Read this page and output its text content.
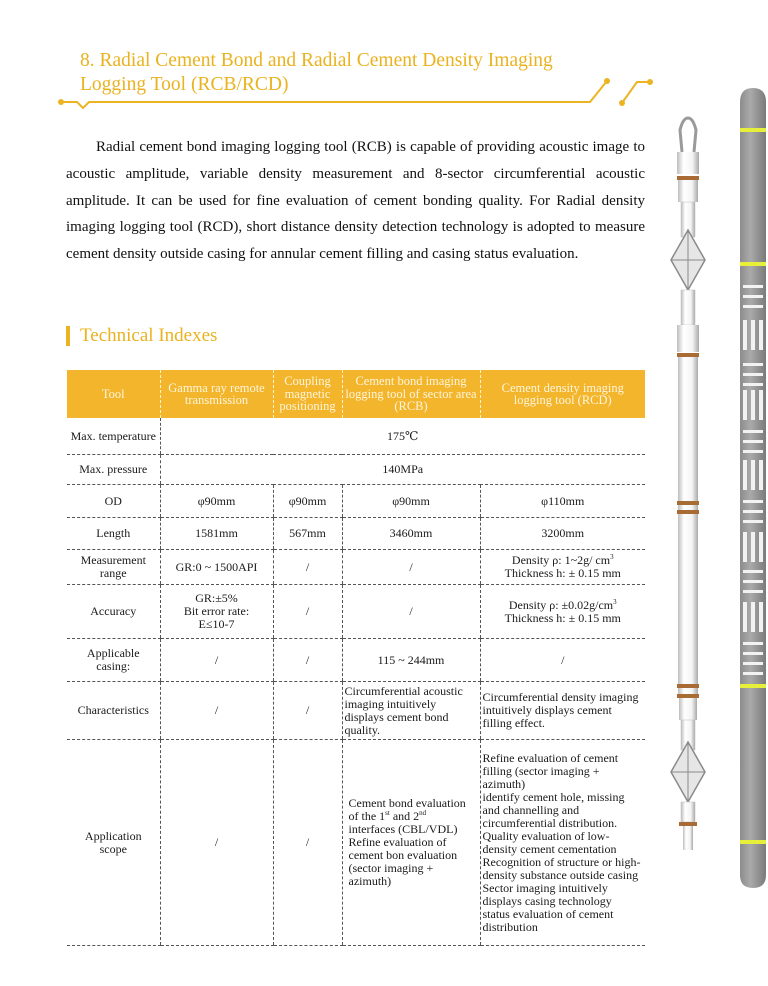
8. Radial Cement Bond and Radial Cement Density Imaging Logging Tool (RCB/RCD)

Radial cement bond imaging logging tool (RCB) is capable of providing acoustic image to acoustic amplitude, variable density measurement and 8-sector circumferential acoustic amplitude. It can be used for fine evaluation of cement bonding quality. For Radial density imaging logging tool (RCD), short distance density detection technology is adopted to measure cement density outside casing for annular cement filling and casing status evaluation.

Technical Indexes
Tool	Gamma ray remote transmission	Coupling magnetic positioning	Cement bond imaging logging tool of sector area (RCB)	Cement density imaging logging tool (RCD)
Max. temperature	175℃			
Max. pressure	140MPa			
OD	φ90mm	φ90mm	φ90mm	φ110mm
Length	1581mm	567mm	3460mm	3200mm
Measurement range	GR:0 ~ 1500API	/	/	Density ρ: 1~2g/ $cm^3$
Thickness h: ± 0.15 mm

Accuracy	GR:±5%
Bit error rate:
E≤10-7	/	/	Density ρ: $\pm 0.02g/cm^3$
Thickness h: ± 0.15 mm

Applicable casing:	/	/	115 ~ 244mm	/
Characteristics	/	/	Circumferential acoustic imaging intuitively displays cement bond quality.	Circumferential density imaging intuitively displays cement filling effect.
Application scope	/	/	Cement bond evaluation of the 1st and 2nd interfaces (CBL/VDL) Refine evaluation of cement bon evaluation (sector imaging + azimuth)	Refine evaluation of cement filling (sector imaging + azimuth)
identify cement hole, missing and channelling and circumferential distribution.
Quality evaluation of low-density cement cementation
Recognition of structure or high-density substance outside casing
Sector imaging intuitively displays casing technology status evaluation of cement distribution
